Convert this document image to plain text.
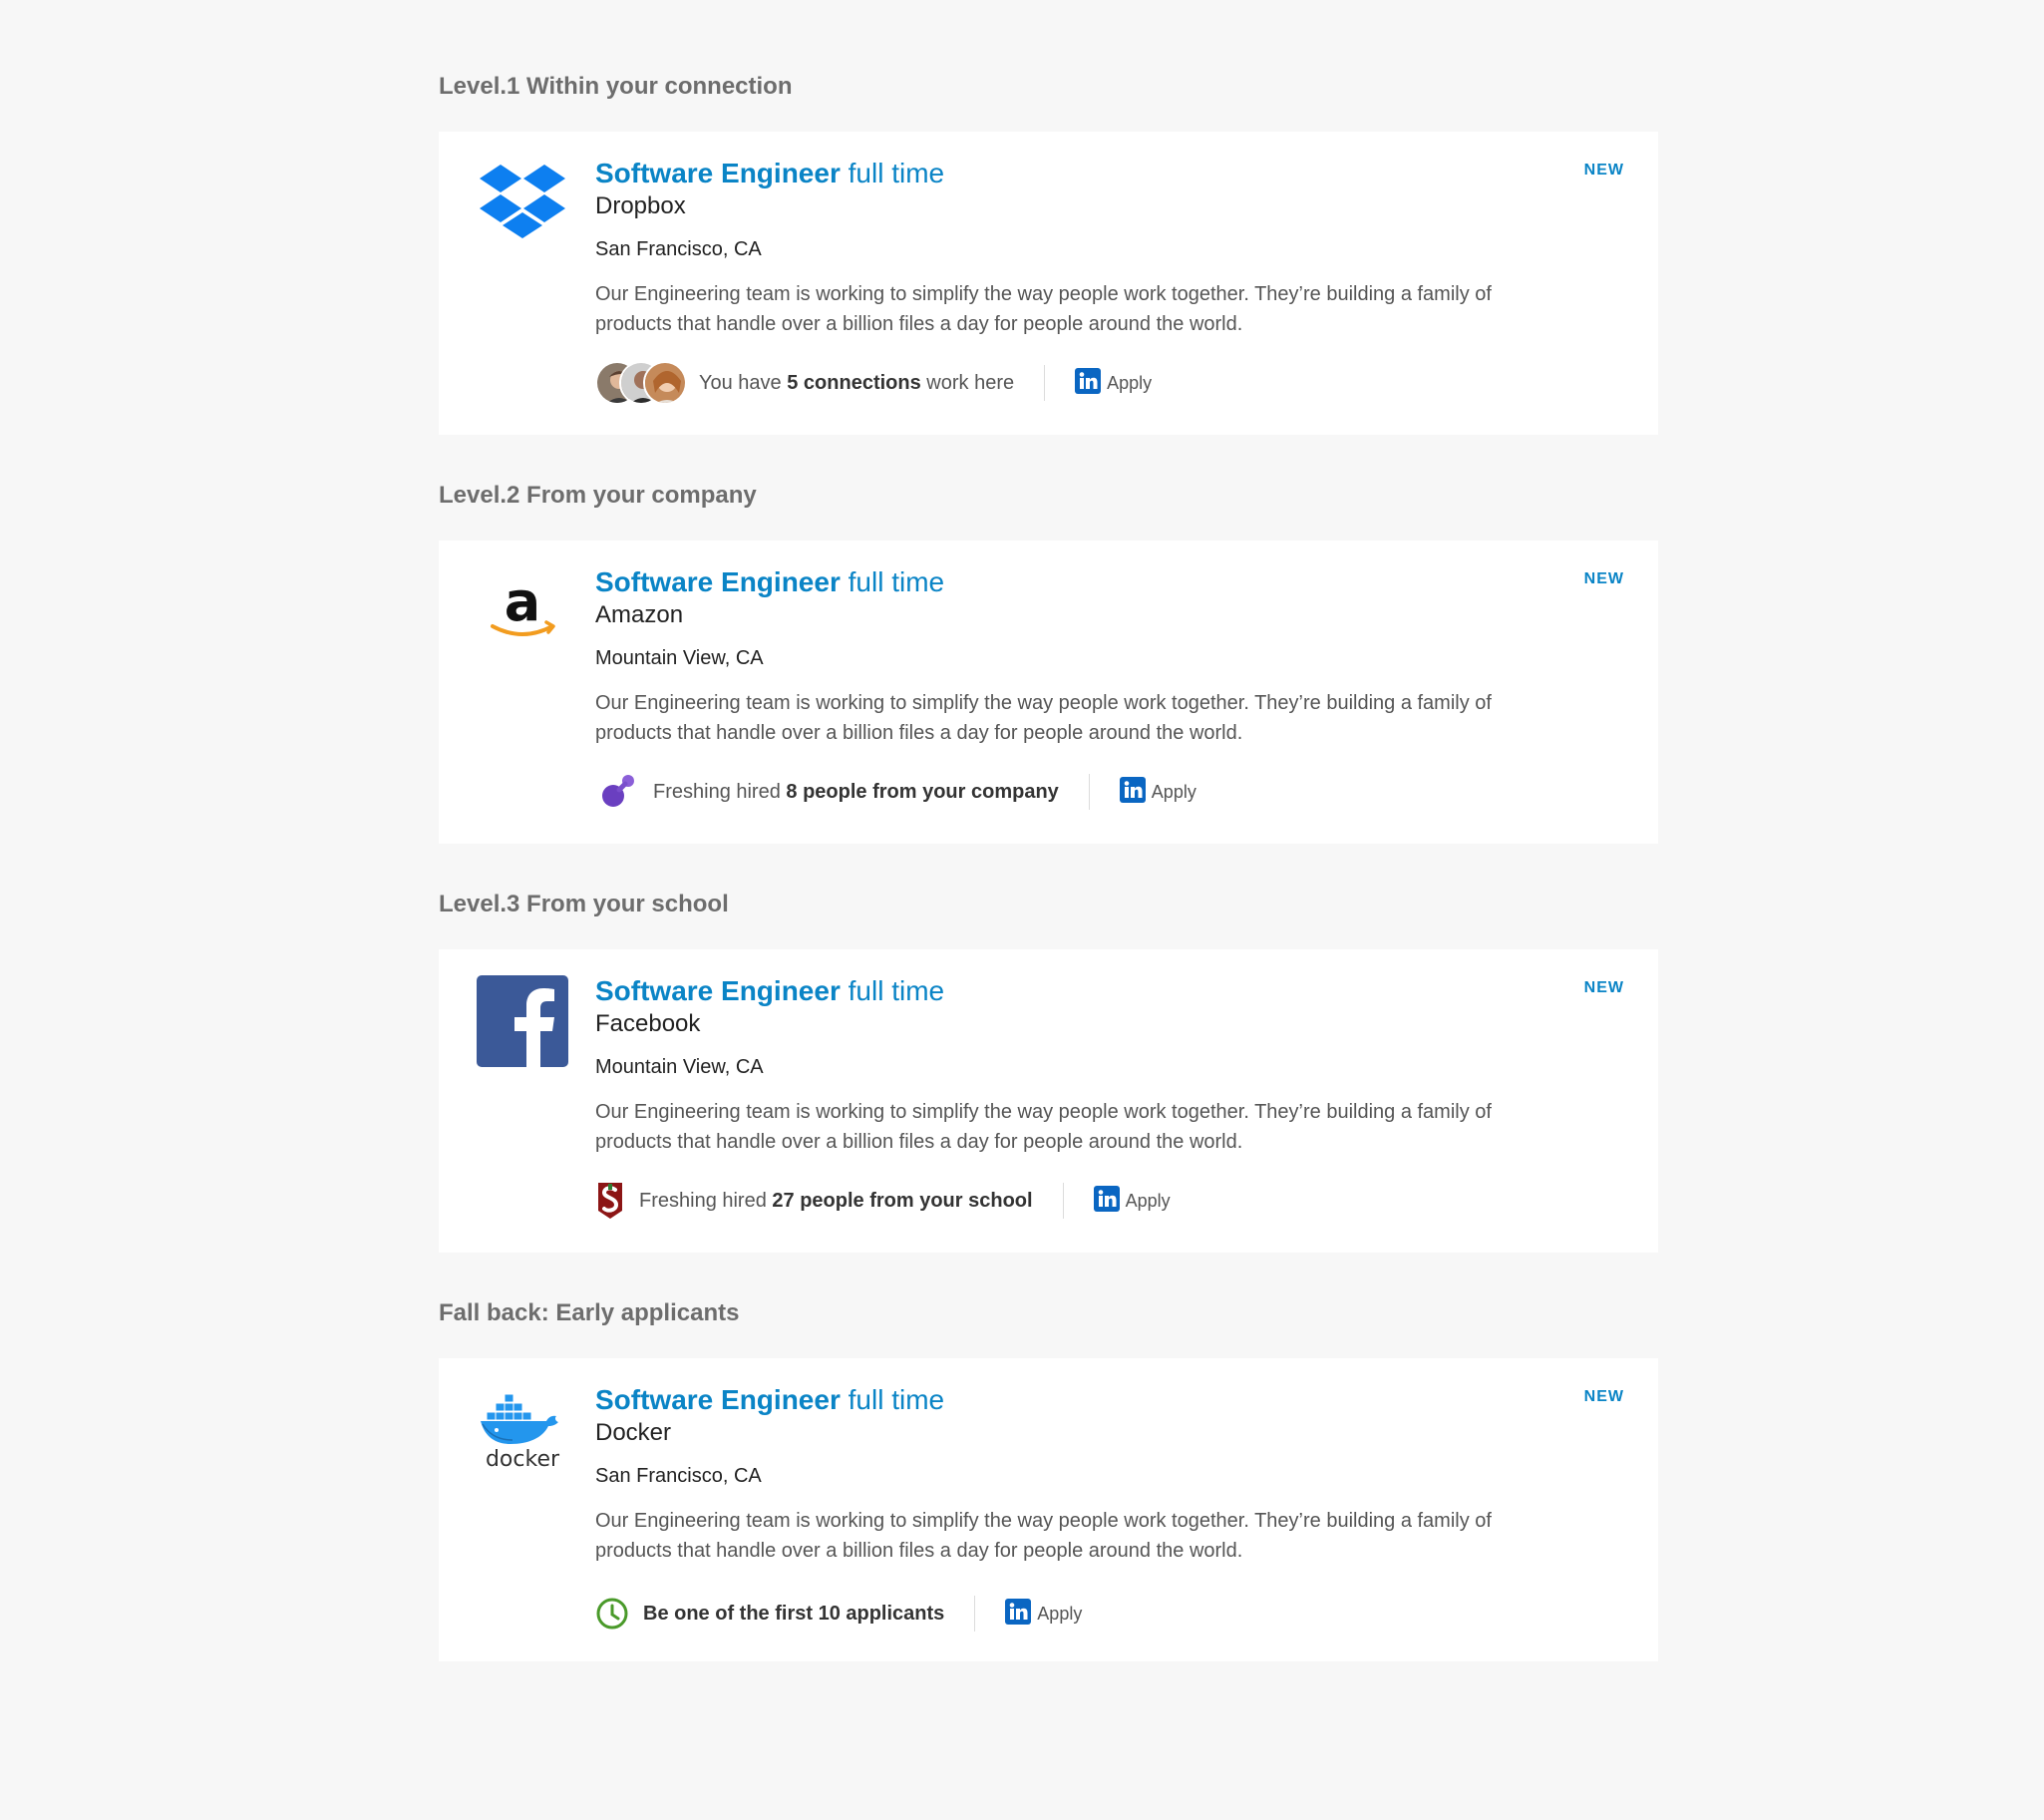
Level.1 Within your connection
Software Engineer full time
Dropbox
San Francisco, CA

Our Engineering team is working to simplify the way people work together. They’re building a family of products that handle over a billion files a day for people around the world.

You have
5 connections
work here	Apply
NEW
Level.2 From your company
a Software Engineer full time
Amazon
Mountain View, CA

Our Engineering team is working to simplify the way people work together. They’re building a family of products that handle over a billion files a day for people around the world.

Freshing hired
8 people from your company	Apply
NEW
Level.3 From your school
Software Engineer full time
Facebook
Mountain View, CA

Our Engineering team is working to simplify the way people work together. They’re building a family of products that handle over a billion files a day for people around the world.

Freshing hired
27 people from your school	Apply
NEW
Fall back: Early applicants
docker
Software Engineer full time
Docker
San Francisco, CA

Our Engineering team is working to simplify the way people work together. They’re building a family of products that handle over a billion files a day for people around the world.

Be one of the first 10 applicants	Apply
NEW
